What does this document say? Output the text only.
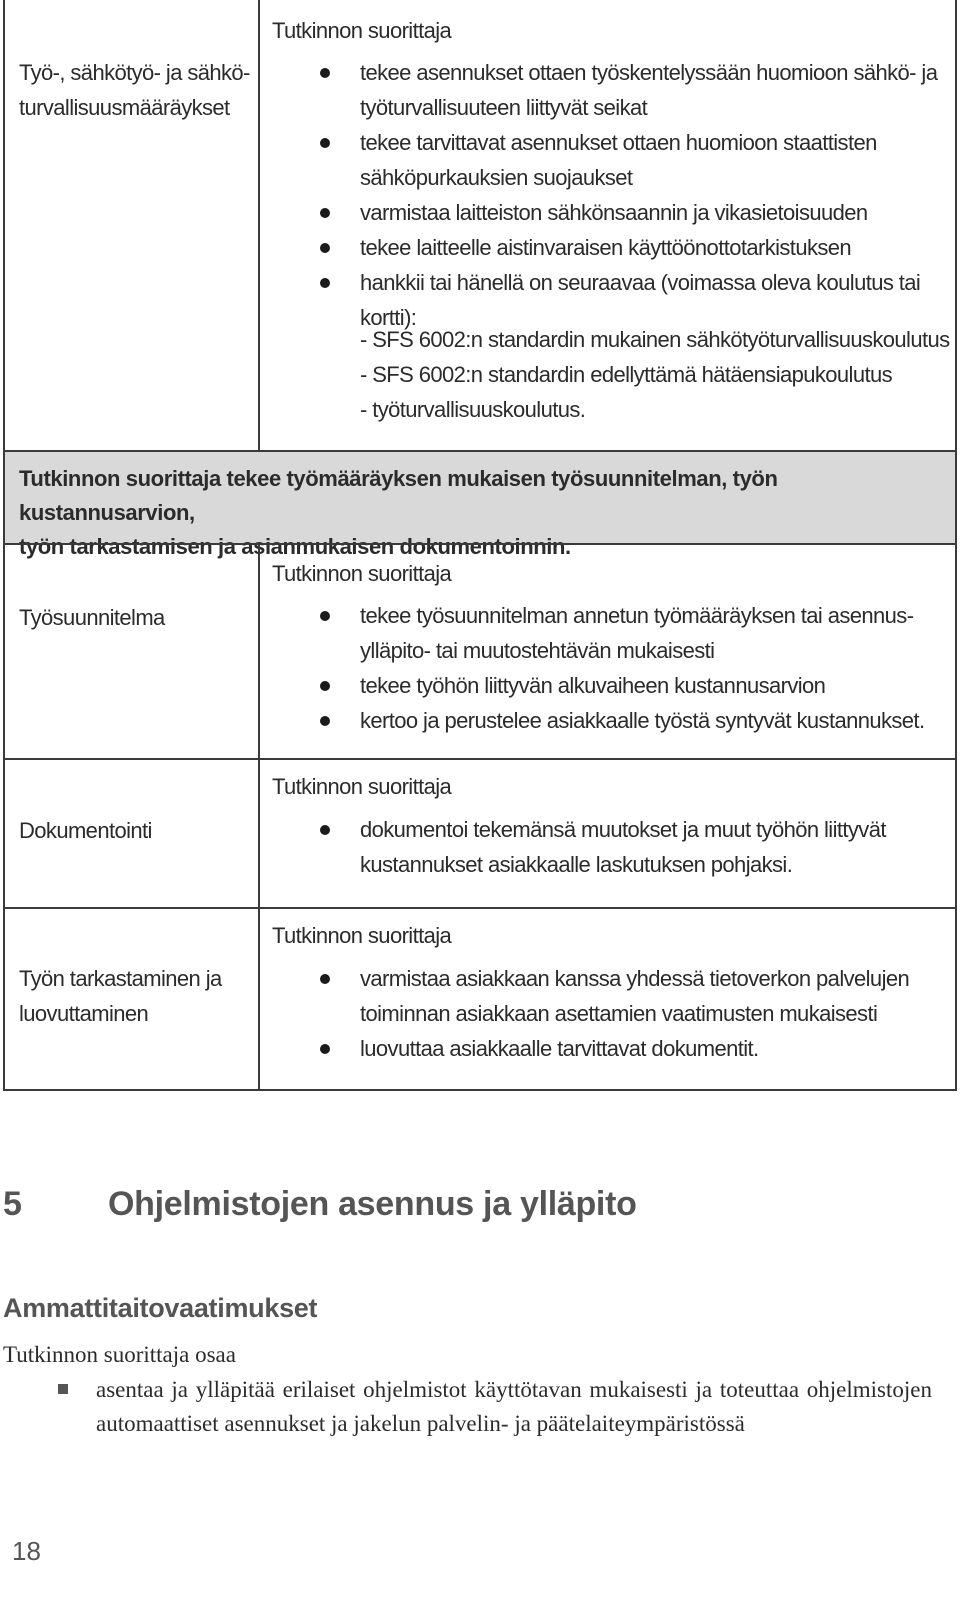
Työ-, sähkötyö- ja sähkö-
turvallisuusmääräykset
Tutkinnon suorittaja
tekee asennukset ottaen työskentelyssään huomioon sähkö- ja
työturvallisuuteen liittyvät seikat
tekee tarvittavat asennukset ottaen huomioon staattisten
sähköpurkauksien suojaukset
varmistaa laitteiston sähkönsaannin ja vikasietoisuuden
tekee laitteelle aistinvaraisen käyttöönottotarkistuksen
hankkii tai hänellä on seuraavaa (voimassa oleva koulutus tai kortti):
- SFS 6002:n standardin mukainen sähkötyöturvallisuuskoulutus
- SFS 6002:n standardin edellyttämä hätäensiapukoulutus
- työturvallisuuskoulutus.
Tutkinnon suorittaja tekee työmääräyksen mukaisen työsuunnitelman, työn kustannusarvion,
työn tarkastamisen ja asianmukaisen dokumentoinnin.
Työsuunnitelma
Tutkinnon suorittaja
tekee työsuunnitelman annetun työmääräyksen tai asennus-
ylläpito- tai muutostehtävän mukaisesti
tekee työhön liittyvän alkuvaiheen kustannusarvion
kertoo ja perustelee asiakkaalle työstä syntyvät kustannukset.
Dokumentointi
Tutkinnon suorittaja
dokumentoi tekemänsä muutokset ja muut työhön liittyvät
kustannukset asiakkaalle laskutuksen pohjaksi.
Työn tarkastaminen ja
luovuttaminen
Tutkinnon suorittaja
varmistaa asiakkaan kanssa yhdessä tietoverkon palvelujen
toiminnan asiakkaan asettamien vaatimusten mukaisesti
luovuttaa asiakkaalle tarvittavat dokumentit.
5	Ohjelmistojen asennus ja ylläpito
Ammattitaitovaatimukset
Tutkinnon suorittaja osaa
asentaa ja ylläpitää erilaiset ohjelmistot käyttötavan mukaisesti ja toteuttaa ohjelmistojen automaattiset asennukset ja jakelun palvelin- ja päätelaiteympäristössä
18
